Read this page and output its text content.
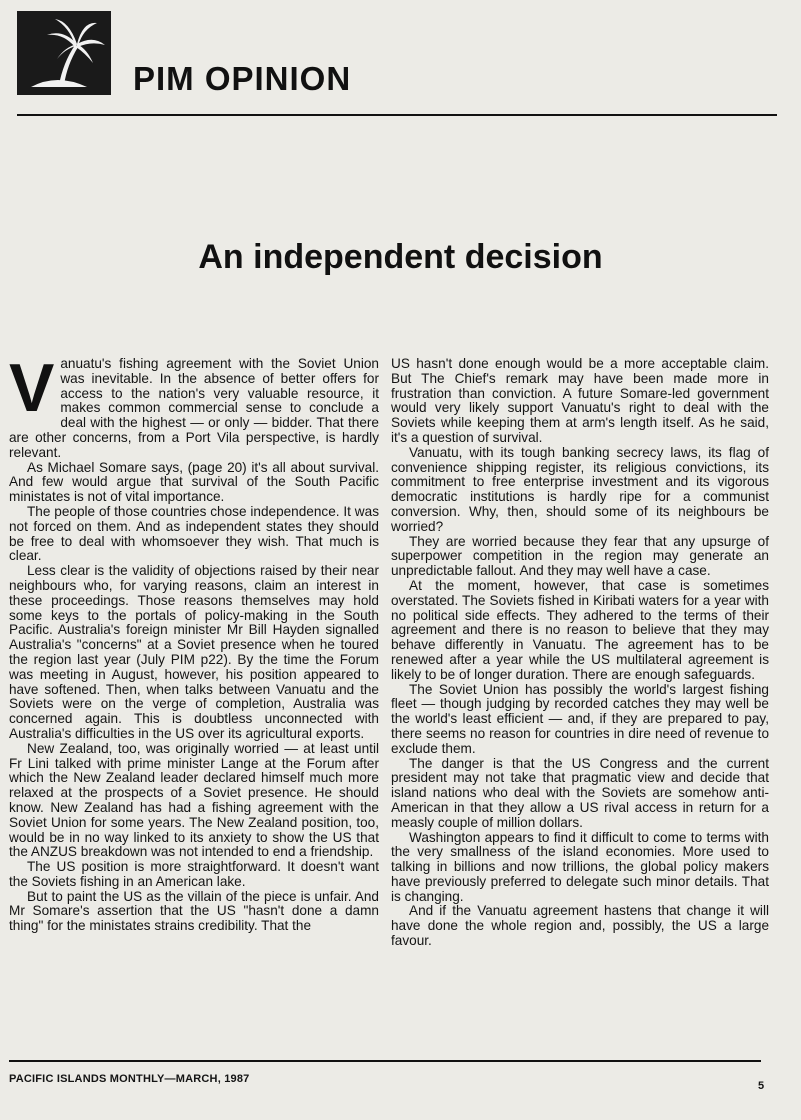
PIM OPINION
An independent decision

Vanuatu's fishing agreement with the Soviet Union was inevitable. In the absence of better offers for access to the nation's very valuable resource, it makes common commercial sense to conclude a deal with the highest — or only — bidder. That there are other concerns, from a Port Vila perspective, is hardly relevant.

As Michael Somare says, (page 20) it's all about survival. And few would argue that survival of the South Pacific ministates is not of vital importance.

The people of those countries chose independence. It was not forced on them. And as independent states they should be free to deal with whomsoever they wish. That much is clear.

Less clear is the validity of objections raised by their near neighbours who, for varying reasons, claim an interest in these proceedings. Those reasons themselves may hold some keys to the portals of policy-making in the South Pacific. Australia's foreign minister Mr Bill Hayden signalled Australia's "concerns" at a Soviet presence when he toured the region last year (July PIM p22). By the time the Forum was meeting in August, however, his position appeared to have softened. Then, when talks between Vanuatu and the Soviets were on the verge of completion, Australia was concerned again. This is doubtless unconnected with Australia's difficulties in the US over its agricultural exports.

New Zealand, too, was originally worried — at least until Fr Lini talked with prime minister Lange at the Forum after which the New Zealand leader declared himself much more relaxed at the prospects of a Soviet presence. He should know. New Zealand has had a fishing agreement with the Soviet Union for some years. The New Zealand position, too, would be in no way linked to its anxiety to show the US that the ANZUS breakdown was not intended to end a friendship.

The US position is more straightforward. It doesn't want the Soviets fishing in an American lake.

But to paint the US as the villain of the piece is unfair. And Mr Somare's assertion that the US "hasn't done a damn thing" for the ministates strains credibility. That the

US hasn't done enough would be a more acceptable claim. But The Chief's remark may have been made more in frustration than conviction. A future Somare-led government would very likely support Vanuatu's right to deal with the Soviets while keeping them at arm's length itself. As he said, it's a question of survival.

Vanuatu, with its tough banking secrecy laws, its flag of convenience shipping register, its religious convictions, its commitment to free enterprise investment and its vigorous democratic institutions is hardly ripe for a communist conversion. Why, then, should some of its neighbours be worried?

They are worried because they fear that any upsurge of superpower competition in the region may generate an unpredictable fallout. And they may well have a case.

At the moment, however, that case is sometimes overstated. The Soviets fished in Kiribati waters for a year with no political side effects. They adhered to the terms of their agreement and there is no reason to believe that they may behave differently in Vanuatu. The agreement has to be renewed after a year while the US multilateral agreement is likely to be of longer duration. There are enough safeguards.

The Soviet Union has possibly the world's largest fishing fleet — though judging by recorded catches they may well be the world's least efficient — and, if they are prepared to pay, there seems no reason for countries in dire need of revenue to exclude them.

The danger is that the US Congress and the current president may not take that pragmatic view and decide that island nations who deal with the Soviets are somehow anti-American in that they allow a US rival access in return for a measly couple of million dollars.

Washington appears to find it difficult to come to terms with the very smallness of the island economies. More used to talking in billions and now trillions, the global policy makers have previously preferred to delegate such minor details. That is changing.

And if the Vanuatu agreement hastens that change it will have done the whole region and, possibly, the US a large favour.

PACIFIC ISLANDS MONTHLY—MARCH, 1987
5
